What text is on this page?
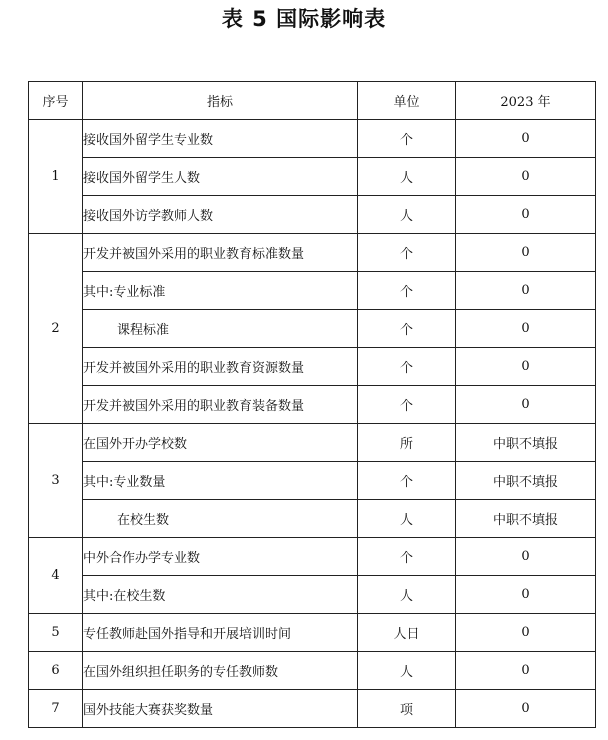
表 5 国际影响表
序号	指标	单位	2023 年
1	接收国外留学生专业数	个	0
	接收国外留学生人数	人	0
	接收国外访学教师人数	人	0
2	开发并被国外采用的职业教育标准数量	个	0
	其中:专业标准	个	0
	课程标准	个	0
	开发并被国外采用的职业教育资源数量	个	0
	开发并被国外采用的职业教育装备数量	个	0
3	在国外开办学校数	所	中职不填报
	其中:专业数量	个	中职不填报
	在校生数	人	中职不填报
4	中外合作办学专业数	个	0
	其中:在校生数	人	0
5	专任教师赴国外指导和开展培训时间	人日	0
6	在国外组织担任职务的专任教师数	人	0
7	国外技能大赛获奖数量	项	0
